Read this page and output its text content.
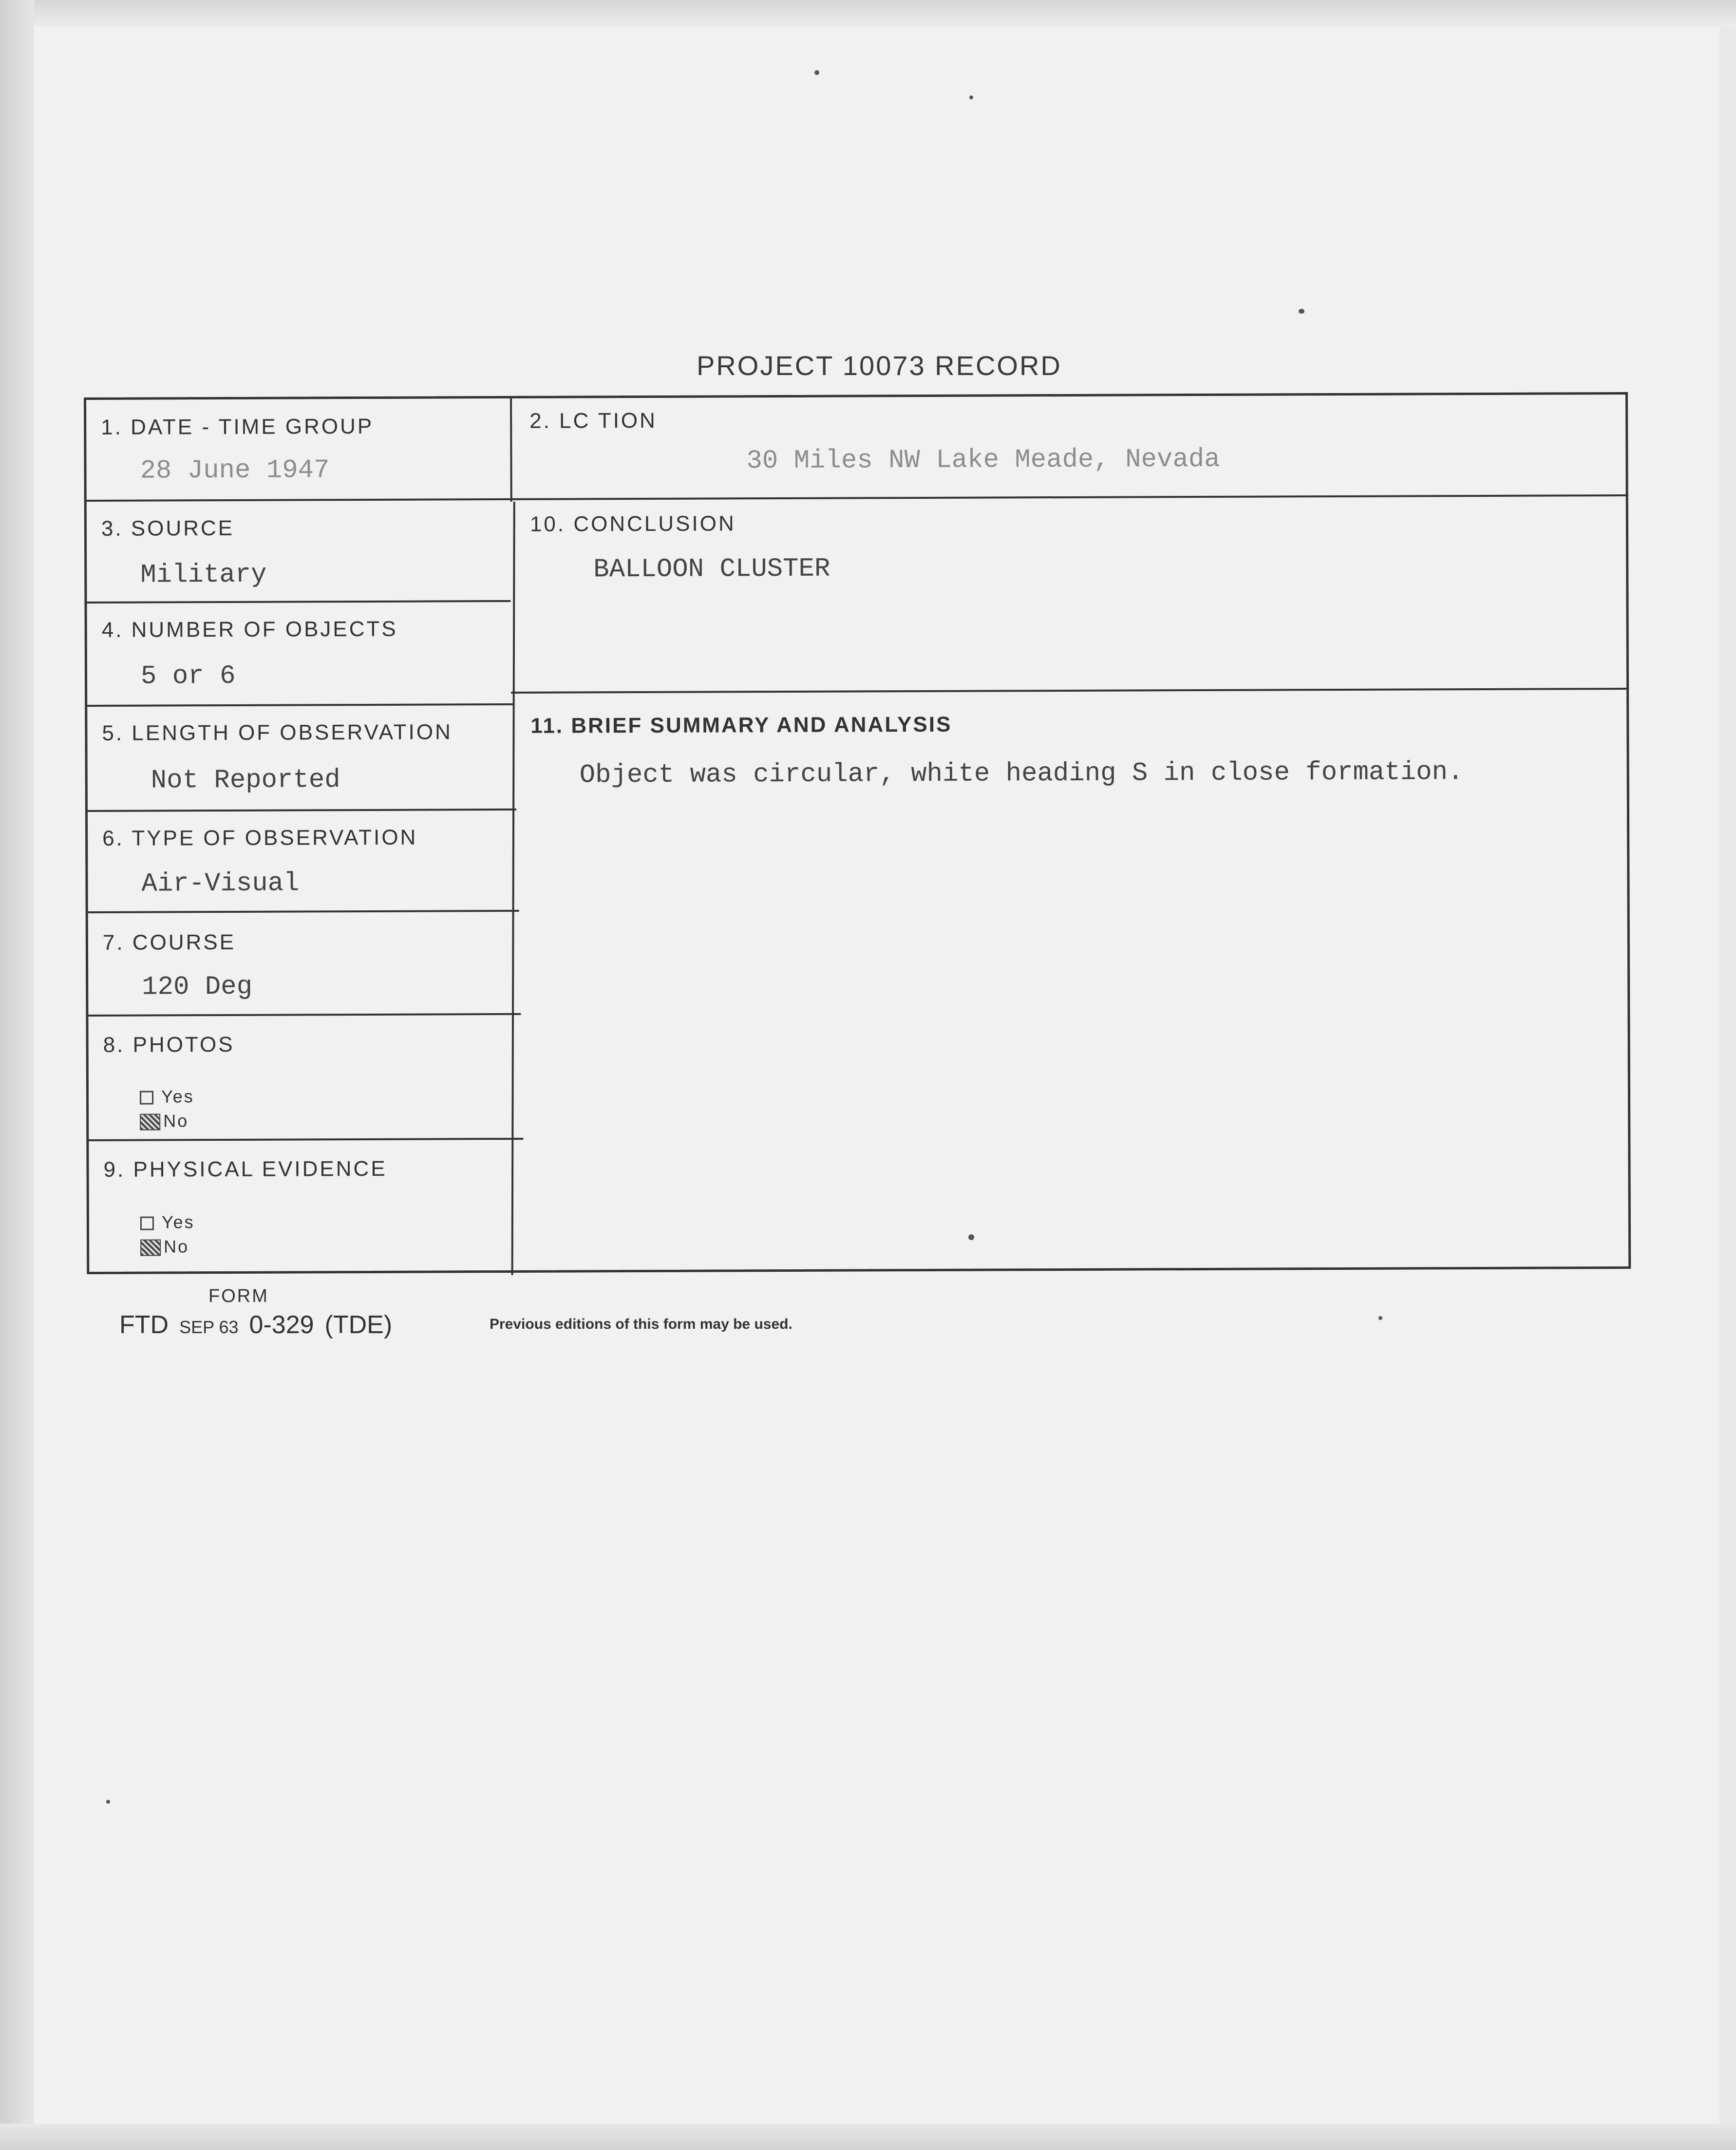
PROJECT 10073 RECORD
1. DATE - TIME GROUP
28 June 1947
2. LC TION
30 Miles NW Lake Meade, Nevada
3. SOURCE
Military
4. NUMBER OF OBJECTS
5 or 6
5. LENGTH OF OBSERVATION
Not Reported
6. TYPE OF OBSERVATION
Air-Visual
7. COURSE
120 Deg
8. PHOTOS
Yes
No
9. PHYSICAL EVIDENCE
Yes
No
10. CONCLUSION
BALLOON CLUSTER
11. BRIEF SUMMARY AND ANALYSIS
Object was circular, white heading S in close formation.
FORM
FTD SEP 63 0-329 (TDE)	Previous editions of this form may be used.
